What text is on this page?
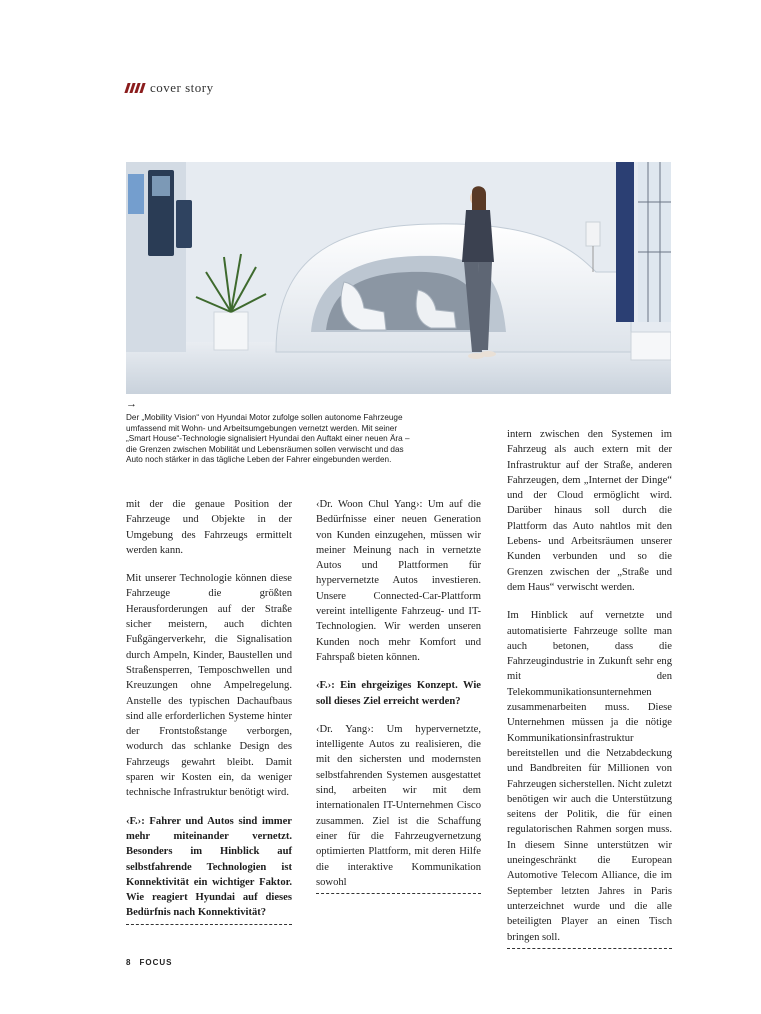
cover story
→
Der „Mobility Vision“ von Hyundai Motor zufolge sollen autonome Fahrzeuge umfassend mit Wohn- und Arbeitsumgebungen vernetzt werden. Mit seiner „Smart House“-Technologie signalisiert Hyundai den Auftakt einer neuen Ära – die Grenzen zwischen Mobilität und Lebensräumen sollen verwischt und das Auto noch stärker in das tägliche Leben der Fahrer eingebunden werden.

mit der die genaue Position der Fahrzeuge und Objekte in der Umgebung des Fahrzeugs ermittelt werden kann.

Mit unserer Technologie können diese Fahrzeuge die größten Herausforderungen auf der Straße sicher meistern, auch dichten Fußgängerverkehr, die Signalisation durch Ampeln, Kinder, Baustellen und Straßensperren, Temposchwellen und Kreuzungen ohne Ampelregelung. Anstelle des typischen Dachaufbaus sind alle erforderlichen Systeme hinter der Frontstoßstange verborgen, wodurch das schlanke Design des Fahrzeugs gewahrt bleibt. Damit sparen wir Kosten ein, da weniger technische Infrastruktur benötigt wird.

‹F.›: Fahrer und Autos sind immer mehr miteinander vernetzt. Besonders im Hinblick auf selbstfahrende Technologien ist Konnektivität ein wichtiger Faktor. Wie reagiert Hyundai auf dieses Bedürfnis nach Konnektivität?

‹Dr. Woon Chul Yang›: Um auf die Bedürfnisse einer neuen Generation von Kunden einzugehen, müssen wir meiner Meinung nach in vernetzte Autos und Plattformen für hypervernetzte Autos investieren. Unsere Connected-Car-Plattform vereint intelligente Fahrzeug- und IT-Technologien. Wir werden unseren Kunden noch mehr Komfort und Fahrspaß bieten können.

‹F.›: Ein ehrgeiziges Konzept. Wie soll dieses Ziel erreicht werden?

‹Dr. Yang›: Um hypervernetzte, intelligente Autos zu realisieren, die mit den sichersten und modernsten selbstfahrenden Systemen ausgestattet sind, arbeiten wir mit dem internationalen IT-Unternehmen Cisco zusammen. Ziel ist die Schaffung einer für die Fahrzeugvernetzung optimierten Plattform, mit deren Hilfe die interaktive Kommunikation sowohl

intern zwischen den Systemen im Fahrzeug als auch extern mit der Infrastruktur auf der Straße, anderen Fahrzeugen, dem „Internet der Dinge“ und der Cloud ermöglicht wird. Darüber hinaus soll durch die Plattform das Auto nahtlos mit den Lebens- und Arbeitsräumen unserer Kunden verbunden und so die Grenzen zwischen der „Straße und dem Haus“ verwischt werden.

Im Hinblick auf vernetzte und automatisierte Fahrzeuge sollte man auch betonen, dass die Fahrzeugindustrie in Zukunft sehr eng mit den Telekommunikationsunternehmen zusammenarbeiten muss. Diese Unternehmen müssen ja die nötige Kommunikationsinfrastruktur bereitstellen und die Netzabdeckung und Bandbreiten für Millionen von Fahrzeugen sicherstellen. Nicht zuletzt benötigen wir auch die Unterstützung seitens der Politik, die für einen regulatorischen Rahmen sorgen muss. In diesem Sinne unterstützen wir uneingeschränkt die European Automotive Telecom Alliance, die im September letzten Jahres in Paris unterzeichnet wurde und die alle beteiligten Player an einen Tisch bringen soll.

8 FOCUS
